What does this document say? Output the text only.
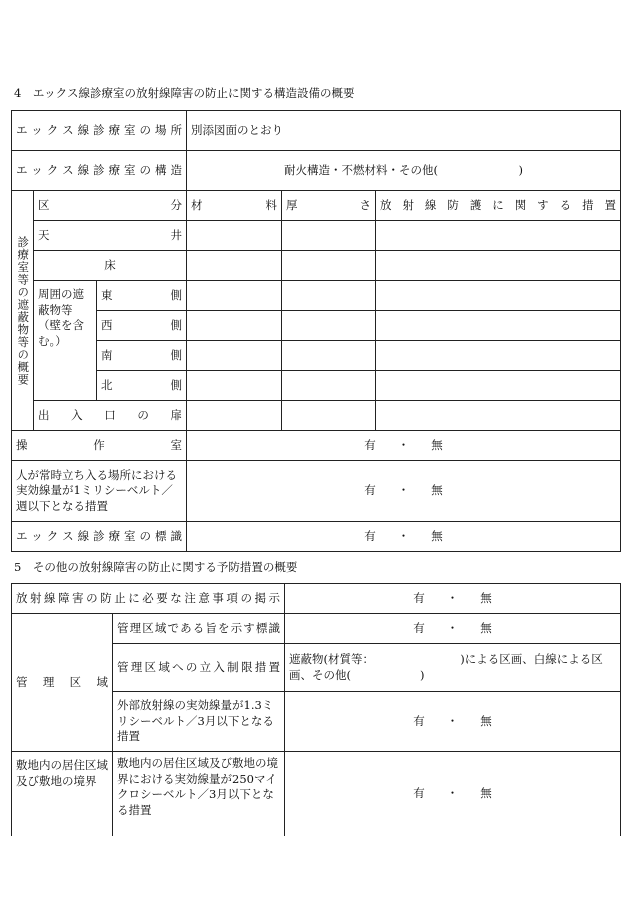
4　エックス線診療室の放射線障害の防止に関する構造設備の概要
エックス線診療室の場所			別添図面のとおり		
エックス線診療室の構造			耐火構造・不燃材料・その他(　　　　　　　)		
診療室等の遮蔽物等の概要	区　　　　　　　　分		材　　　　料	厚　　　　さ	放射線防護に関する措置
	天　　　　井				
	床				
	周囲の遮蔽物等（壁を含む。）	東　　側			
		西　　側			
		南　　側			
		北　　側			
	出　入　口　の　扉				
操　　　　　作　　　　　室			有 ・ 無		
人が常時立ち入る場所における実効線量が1ミリシーベルト／週以下となる措置			有 ・ 無		
エックス線診療室の標識			有 ・ 無		
5　その他の放射線障害の防止に関する予防措置の概要
放射線障害の防止に必要な注意事項の掲示		有 ・ 無
管　理　区　域	管理区域である旨を示す標識	有 ・ 無
	管理区域への立入制限措置	遮蔽物(材質等：　　　　　　　　)による区画、白線による区画、その他(　　　　　　)
	外部放射線の実効線量が1.3ミリシーベルト／3月以下となる措置	有 ・ 無
敷地内の居住区域及び敷地の境界	敷地内の居住区域及び敷地の境界における実効線量が250マイクロシーベルト／3月以下となる措置	有 ・ 無
